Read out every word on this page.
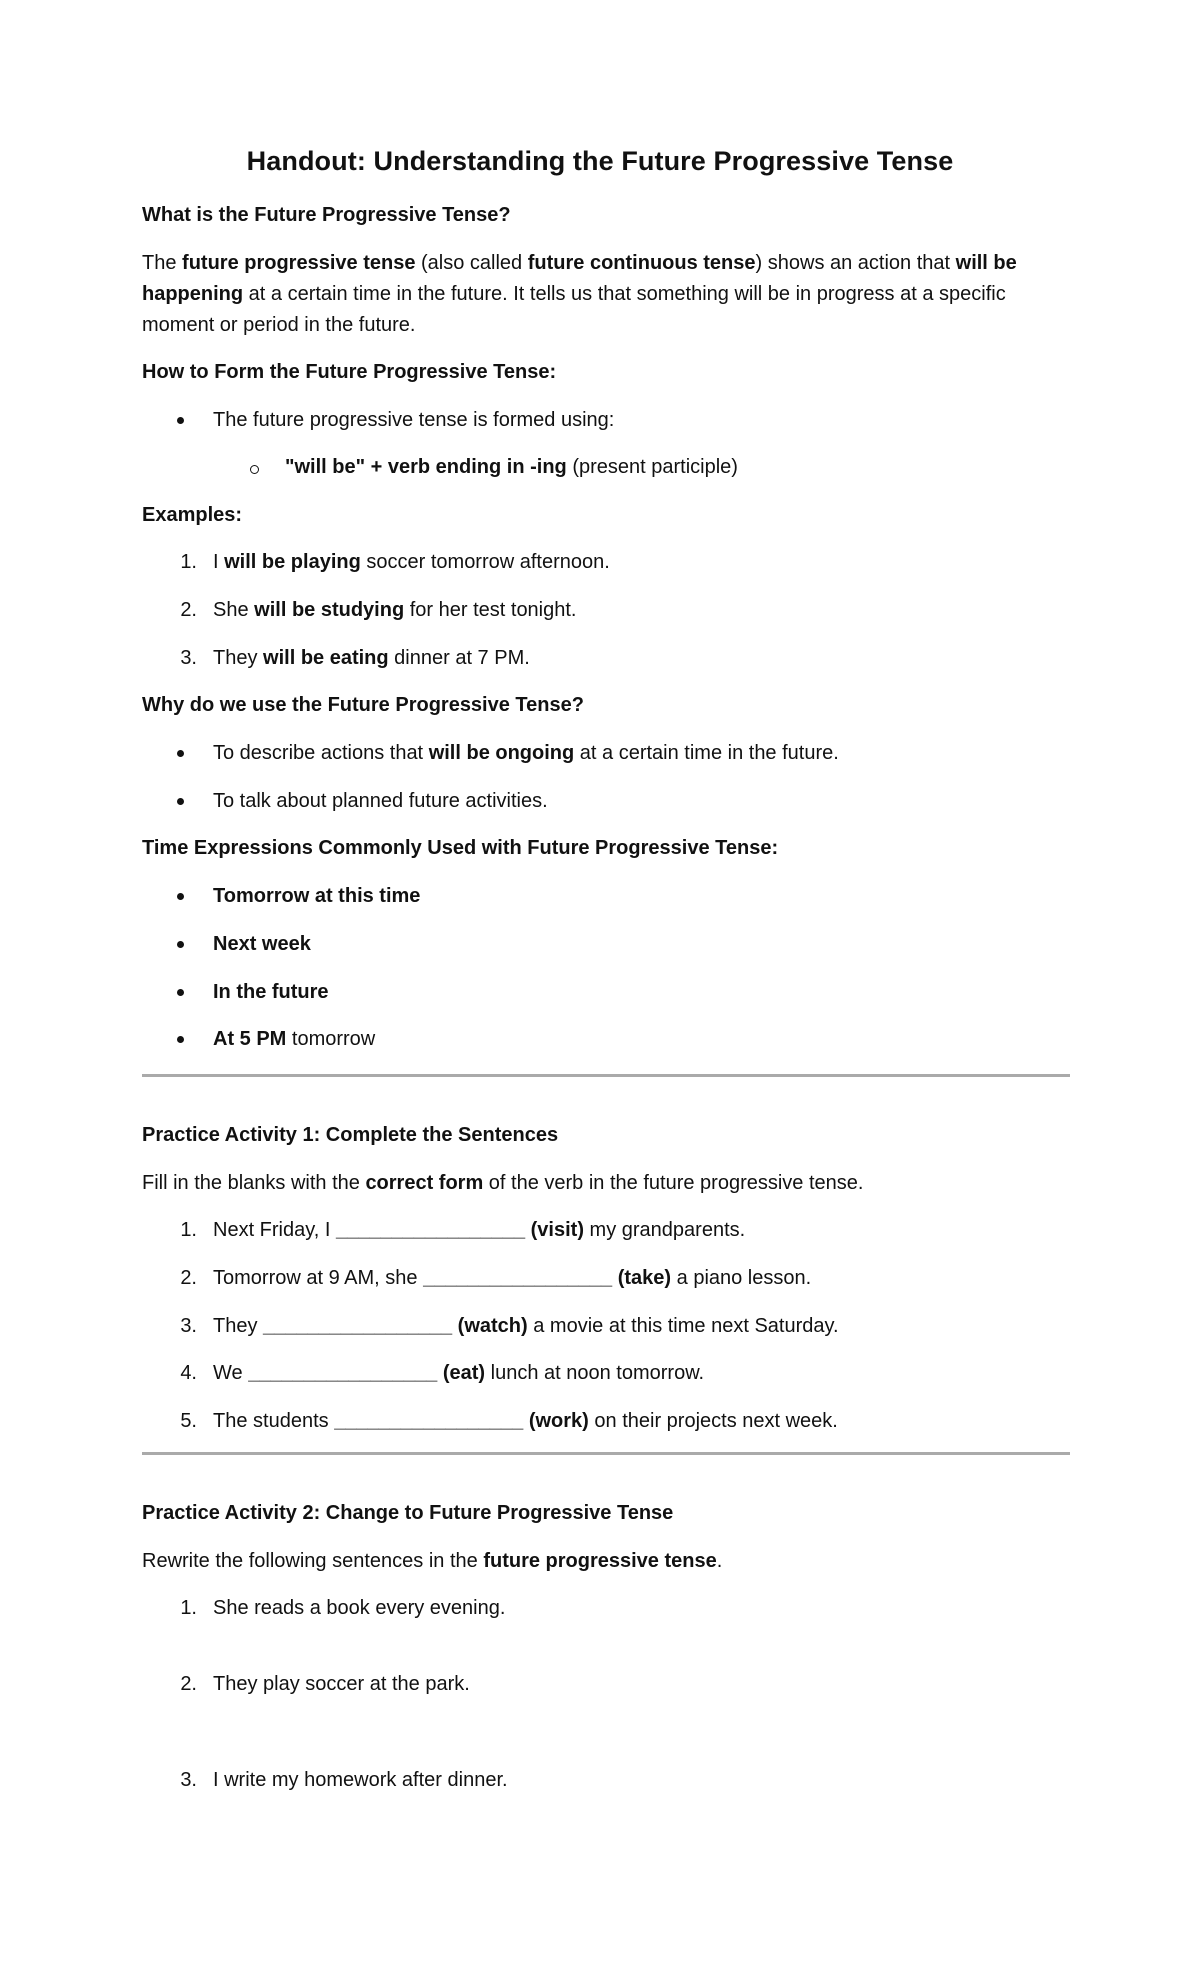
Handout: Understanding the Future Progressive Tense
What is the Future Progressive Tense?
The future progressive tense (also called future continuous tense) shows an action that will be happening at a certain time in the future. It tells us that something will be in progress at a specific moment or period in the future.
How to Form the Future Progressive Tense:
The future progressive tense is formed using:
"will be" + verb ending in -ing (present participle)
Examples:
1. I will be playing soccer tomorrow afternoon.
2. She will be studying for her test tonight.
3. They will be eating dinner at 7 PM.
Why do we use the Future Progressive Tense?
To describe actions that will be ongoing at a certain time in the future.
To talk about planned future activities.
Time Expressions Commonly Used with Future Progressive Tense:
Tomorrow at this time
Next week
In the future
At 5 PM tomorrow
Practice Activity 1: Complete the Sentences
Fill in the blanks with the correct form of the verb in the future progressive tense.
1. Next Friday, I _________________ (visit) my grandparents.
2. Tomorrow at 9 AM, she _________________ (take) a piano lesson.
3. They _________________ (watch) a movie at this time next Saturday.
4. We _________________ (eat) lunch at noon tomorrow.
5. The students _________________ (work) on their projects next week.
Practice Activity 2: Change to Future Progressive Tense
Rewrite the following sentences in the future progressive tense.
1. She reads a book every evening.
2. They play soccer at the park.
3. I write my homework after dinner.
